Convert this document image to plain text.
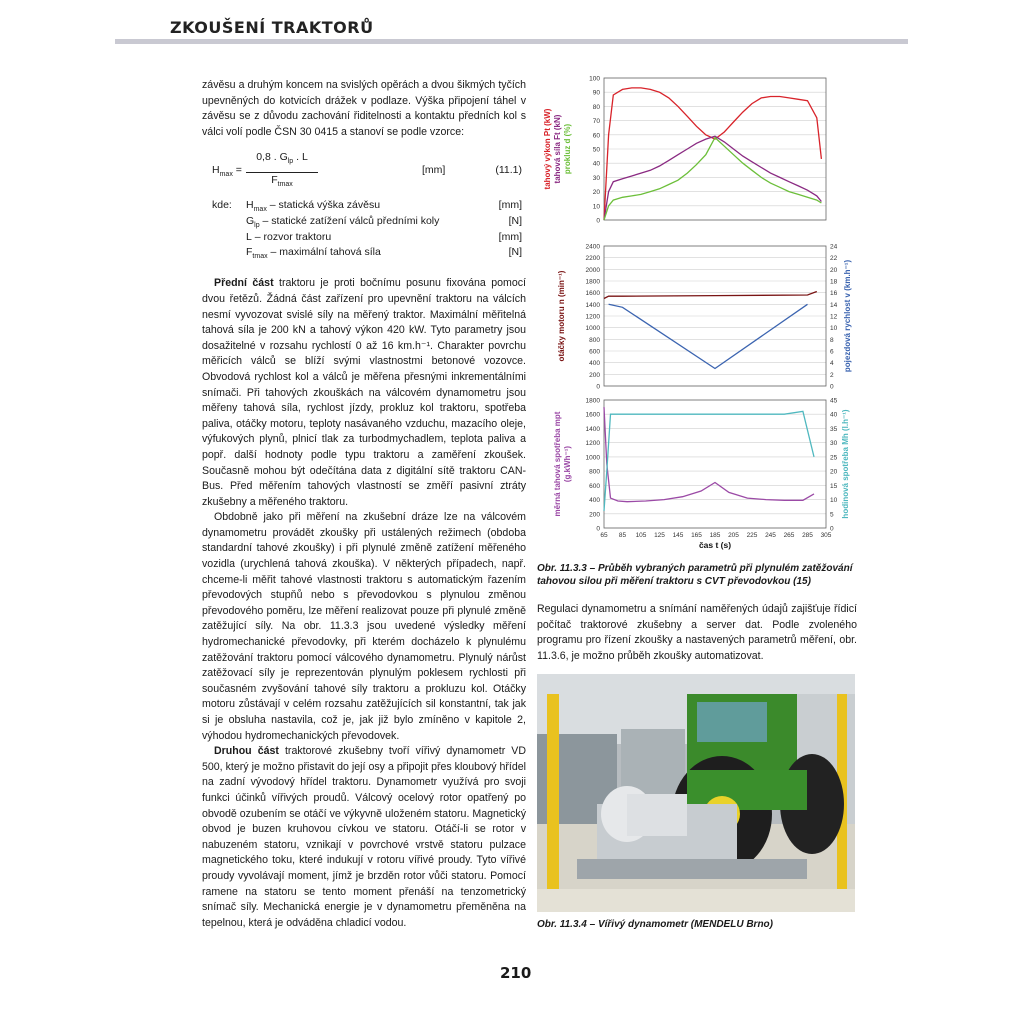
ZKOUŠENÍ TRAKTORŮ

závěsu a druhým koncem na svislých opěrách a dvou šikmých tyčích upevněných do kotvicích drážek v podlaze. Výška připojení táhel v závěsu se z důvodu zachování řiditelnosti a kontaktu předních kol s válci volí podle ČSN 30 0415 a stanoví se podle vzorce:

$H_{max}$ =
0,8 . $G_{lp}$ . L
$F_{tmax}$
[mm]	(11.1)
kde: $H_{max}$ – statická výška závěsu	[mm]
$G_{lp}$ – statické zatížení válců předními koly	[N]
L – rozvor traktoru	[mm]
$F_{tmax}$ – maximální tahová síla	[N]

Přední část traktoru je proti bočnímu posunu fixována pomocí dvou řetězů. Žádná část zařízení pro upevnění traktoru na válcích nesmí vyvozovat svislé síly na měřený traktor. Maximální měřitelná tahová síla je 200 kN a tahový výkon 420 kW. Tyto parametry jsou dosažitelné v rozsahu rychlostí 0 až 16 km.h⁻¹. Charakter povrchu měřicích válců se blíží svými vlastnostmi betonové vozovce. Obvodová rychlost kol a válců je měřena přesnými inkrementálními snímači. Při tahových zkouškách na válcovém dynamometru jsou měřeny tahová síla, rychlost jízdy, prokluz kol traktoru, spotřeba paliva, otáčky motoru, teploty nasávaného vzduchu, mazacího oleje, výfukových plynů, plnicí tlak za turbodmychadlem, teplota paliva a popř. další hodnoty podle typu traktoru a zaměření zkoušek. Současně mohou být odečítána data z digitální sítě traktoru CAN-Bus. Před měřením tahových vlastností se změří pasivní ztráty zkušebny a měřeného traktoru.

Obdobně jako při měření na zkušební dráze lze na válcovém dynamometru provádět zkoušky při ustálených režimech (obdoba standardní tahové zkoušky) i při plynulé změně zatížení měřeného vozidla (urychlená tahová zkouška). V některých případech, např. chceme-li měřit tahové vlastnosti traktoru s automatickým řazením převodových stupňů nebo s převodovkou s plynulou změnou převodového poměru, lze měření realizovat pouze při plynulé změně zatěžující síly. Na obr. 11.3.3 jsou uvedené výsledky měření hydromechanické převodovky, při kterém docházelo k plynulému zatěžování traktoru pomocí válcového dynamometru. Plynulý nárůst zatěžovací síly je reprezentován plynulým poklesem rychlosti při současném zvyšování tahové síly traktoru a prokluzu kol. Otáčky motoru zůstávají v celém rozsahu zatěžujících sil konstantní, tak jak si je obsluha nastavila, což je, jak již bylo zmíněno v kapitole 2, výhodou hydromechanických převodovek.

Druhou část traktorové zkušebny tvoří vířivý dynamometr VD 500, který je možno přistavit do její osy a připojit přes kloubový hřídel na zadní vývodový hřídel traktoru. Dynamometr využívá pro svoji funkci účinků vířivých proudů. Válcový ocelový rotor opatřený po obvodě ozubením se otáčí ve výkyvně uloženém statoru. Magnetický obvod je buzen kruhovou cívkou ve statoru. Otáčí-li se rotor v nabuzeném statoru, vznikají v povrchové vrstvě statoru pulzace magnetického toku, které indukují v rotoru vířivé proudy. Tyto vířivé proudy vyvolávají moment, jímž je brzděn rotor vůči statoru. Pomocí ramene na statoru se tento moment přenáší na tenzometrický snímač síly. Mechanická energie je v dynamometru přeměněna na tepelnou, která je odváděna chladicí vodou.

0
10
20
30
40
50
60
70
80
90
100
tahový výkon Pt (kW) tahová síla Ft (kN) prokluz d (%)
0
200
400
600
800
1000
1200
1400
1600
1800
2000
2200
2400
0
2
4
6
8
10
12
14
16
18
20
22
24
otáčky motoru n (min⁻¹)	pojezdová rychlost v (km.h⁻¹)
0
200
400
600
800
1000
1200
1400
1600
1800
0
5
10
15
20
25
30
35
40
45
měrná tahová spotřeba mpt (g.kWh⁻¹)	hodinová spotřeba Mh (l.h⁻¹)
65 85 105 125 145 165 185 205 225 245 265 285 305
čas t (s)
Obr. 11.3.3 – Průběh vybraných parametrů při plynulém zatěžování tahovou silou při měření traktoru s CVT převodovkou (15)
Regulaci dynamometru a snímání naměřených údajů zajišťuje řídicí počítač traktorové zkušebny a server dat. Podle zvoleného programu pro řízení zkoušky a nastavených parametrů měření, obr. 11.3.6, je možno průběh zkoušky automatizovat.
Obr. 11.3.4 – Vířivý dynamometr (MENDELU Brno)
210
